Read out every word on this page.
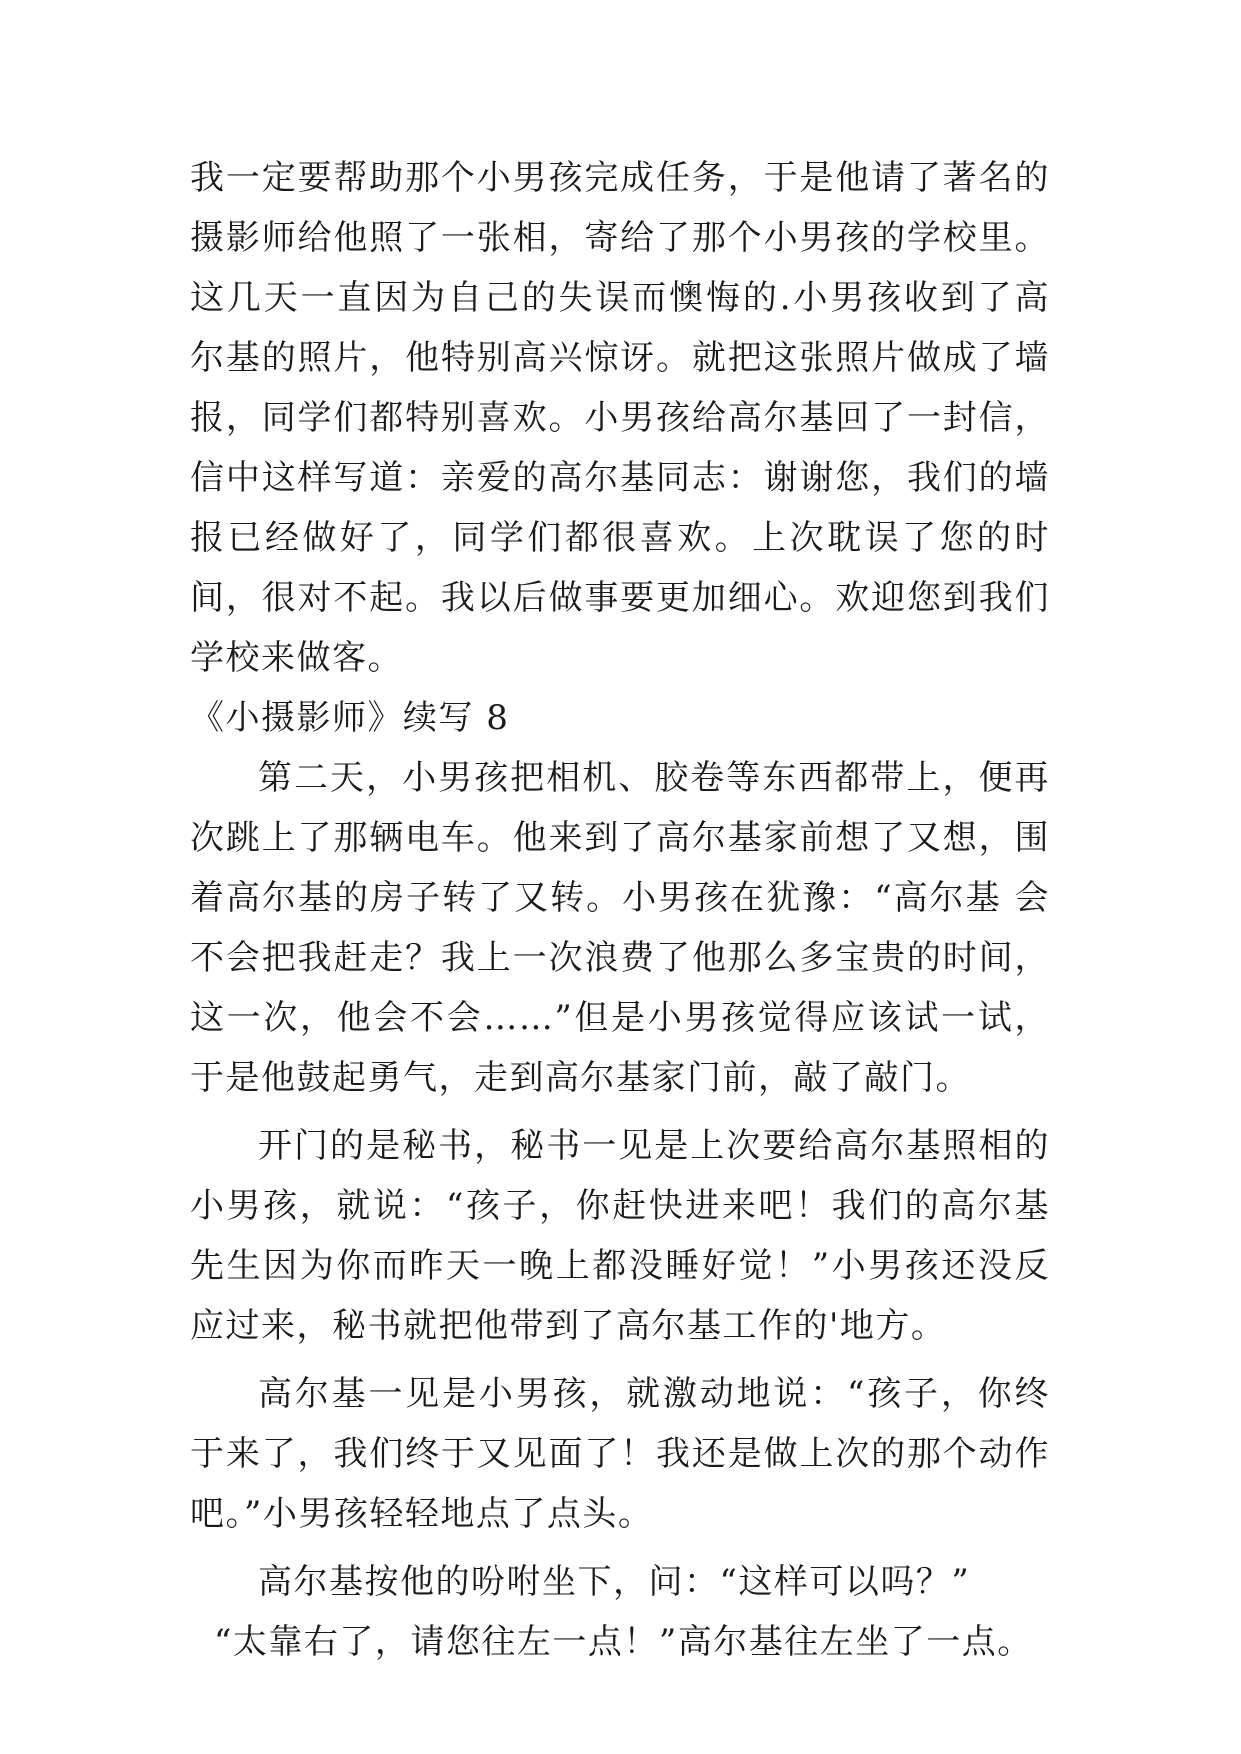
我一定要帮助那个小男孩完成任务，于是他请了著名的摄影师给他照了一张相，寄给了那个小男孩的学校里。这几天一直因为自己的失误而懊悔的.小男孩收到了高尔基的照片，他特别高兴惊讶。就把这张照片做成了墙报，同学们都特别喜欢。小男孩给高尔基回了一封信，信中这样写道：亲爱的高尔基同志：谢谢您，我们的墙报已经做好了，同学们都很喜欢。上次耽误了您的时间，很对不起。我以后做事要更加细心。欢迎您到我们学校来做客。

《小摄影师》续写 8

第二天，小男孩把相机、胶卷等东西都带上，便再次跳上了那辆电车。他来到了高尔基家前想了又想，围着高尔基的房子转了又转。小男孩在犹豫：“高尔基 会不会把我赶走？我上一次浪费了他那么多宝贵的时间，这一次，他会不会……”但是小男孩觉得应该试一试，于是他鼓起勇气，走到高尔基家门前，敲了敲门。

开门的是秘书，秘书一见是上次要给高尔基照相的小男孩，就说：“孩子，你赶快进来吧！我们的高尔基先生因为你而昨天一晚上都没睡好觉！”小男孩还没反应过来，秘书就把他带到了高尔基工作的'地方。

高尔基一见是小男孩，就激动地说：“孩子，你终于来了，我们终于又见面了！我还是做上次的那个动作吧。”小男孩轻轻地点了点头。

高尔基按他的吩咐坐下，问：“这样可以吗？”

“太靠右了，请您往左一点！”高尔基往左坐了一点。
